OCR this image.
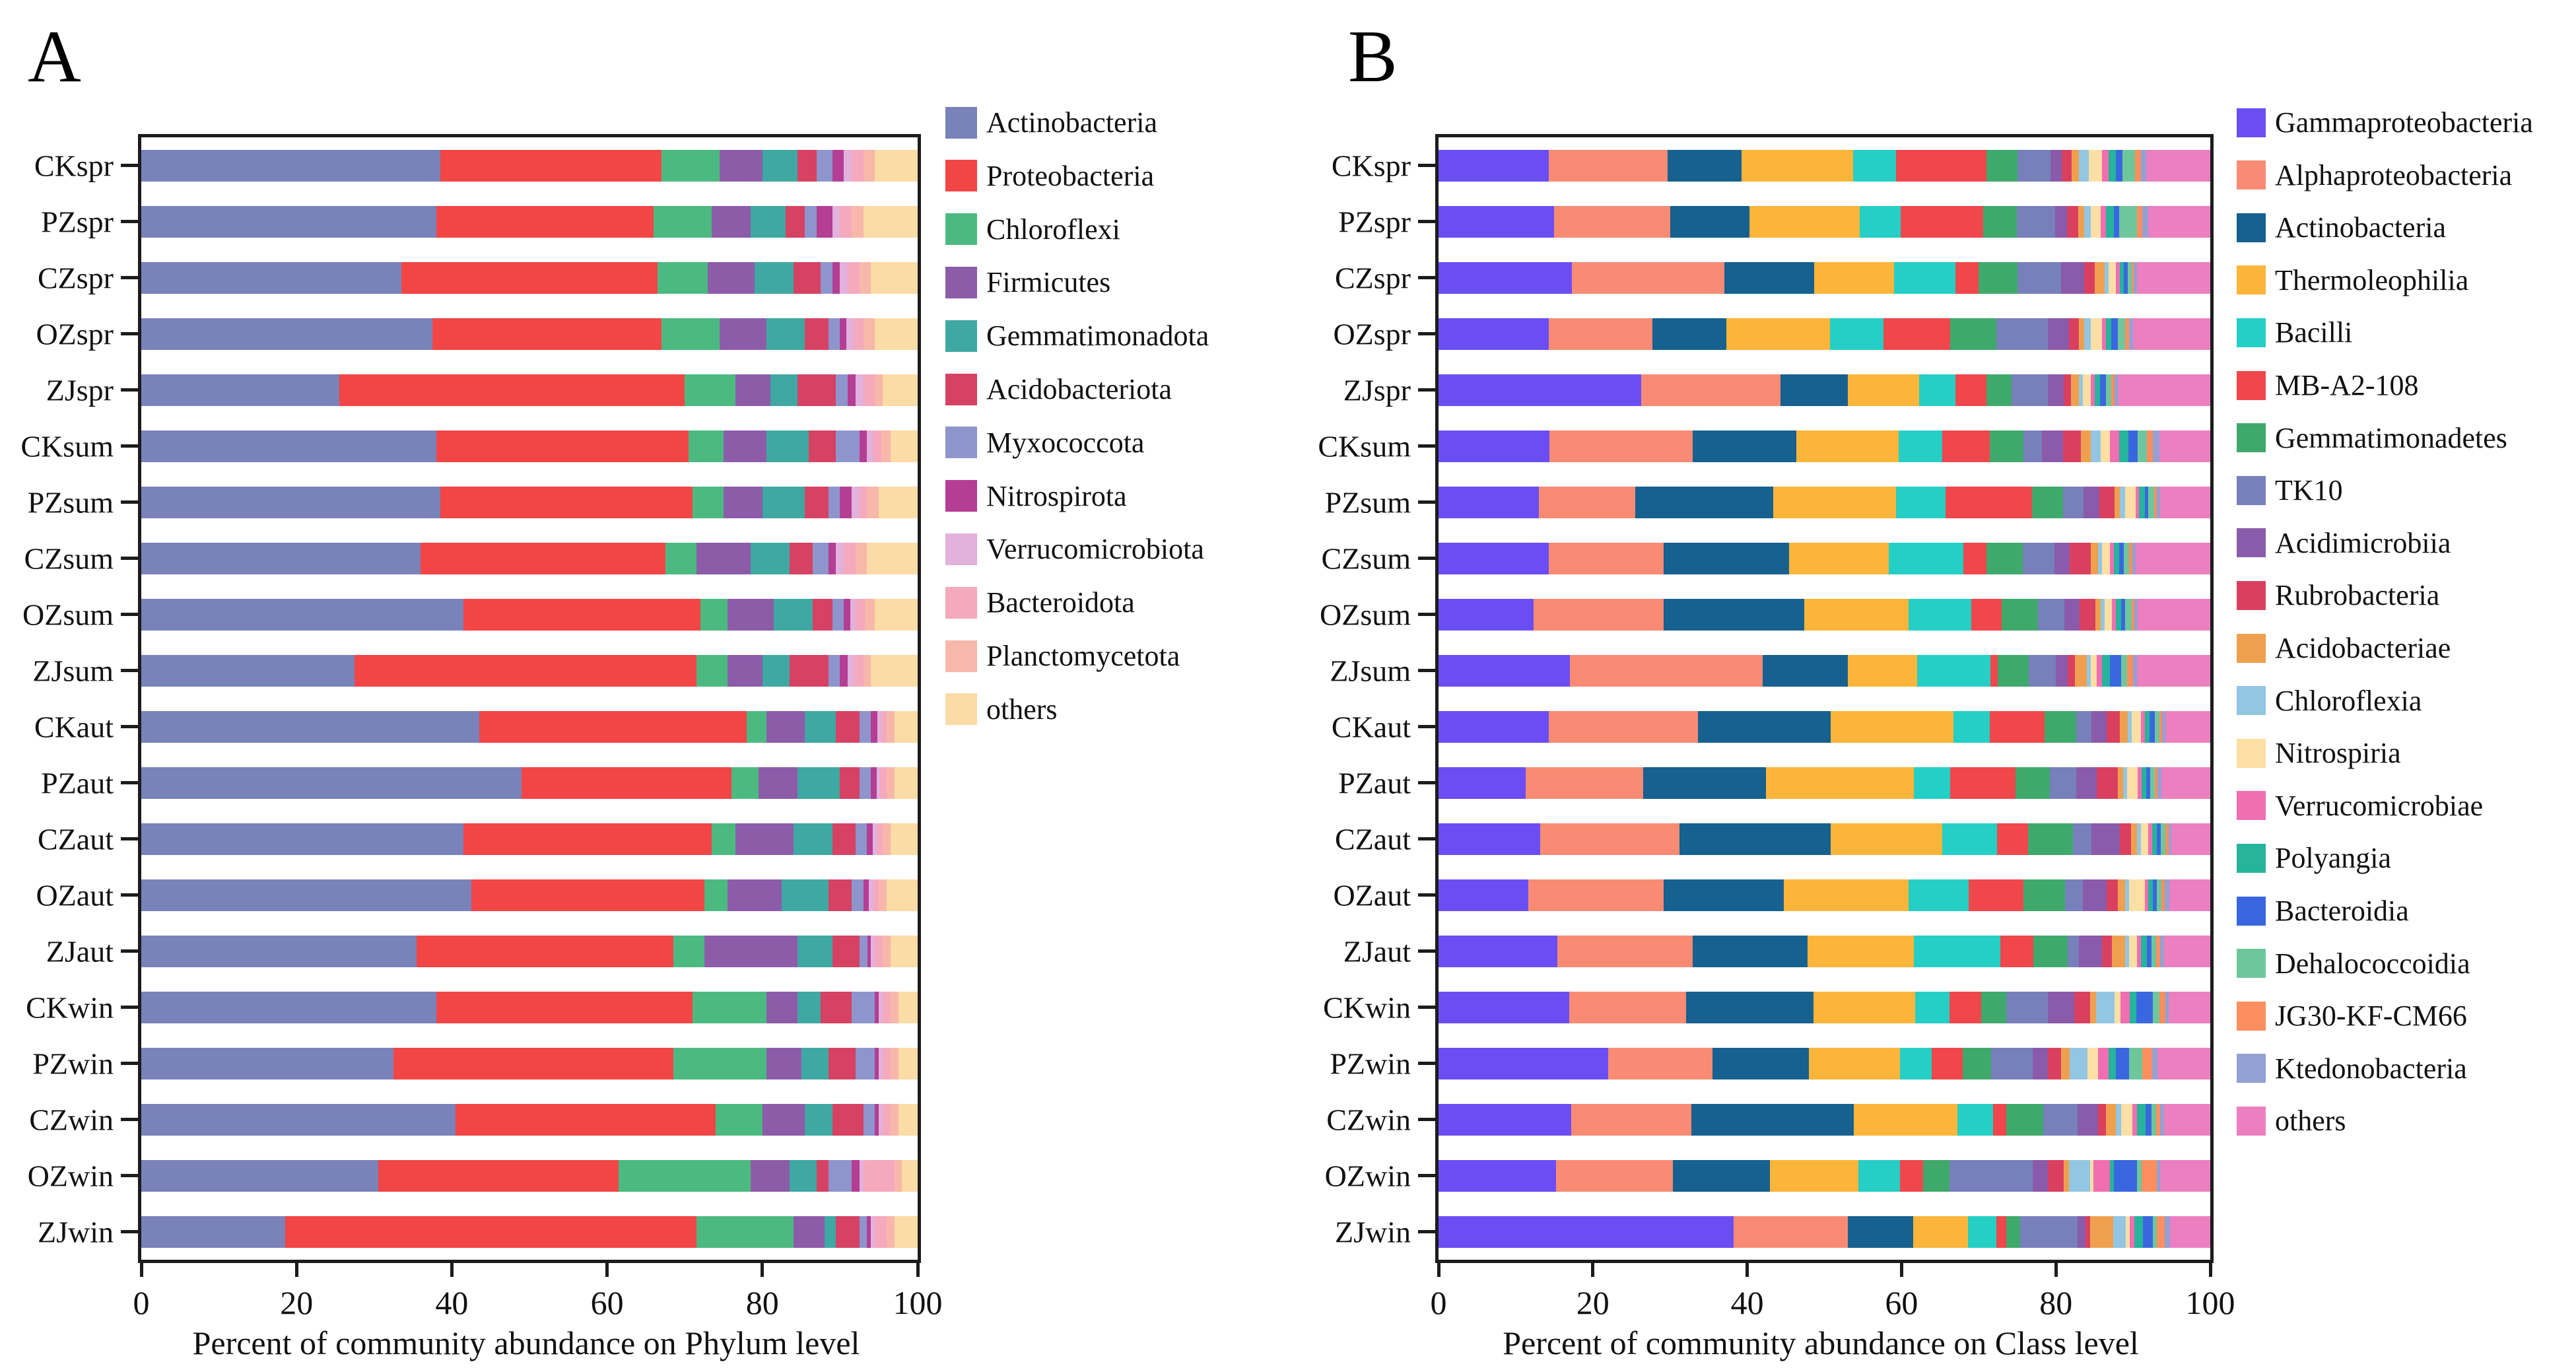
A
CKspr
PZspr
CZspr
OZspr
ZJspr
CKsum
PZsum
CZsum
OZsum
ZJsum
CKaut
PZaut
CZaut
OZaut
ZJaut
CKwin
PZwin
CZwin
OZwin
ZJwin
0	20	40	60	80	100
Percent of community abundance on Phylum level
Actinobacteria
Proteobacteria
Chloroflexi
Firmicutes
Gemmatimonadota
Acidobacteriota
Myxococcota
Nitrospirota
Verrucomicrobiota
Bacteroidota
Planctomycetota
others
B
CKspr
PZspr
CZspr
OZspr
ZJspr
CKsum
PZsum
CZsum
OZsum
ZJsum
CKaut
PZaut
CZaut
OZaut
ZJaut
CKwin
PZwin
CZwin
OZwin
ZJwin
0	20	40	60	80	100
Percent of community abundance on Class level
Gammaproteobacteria
Alphaproteobacteria
Actinobacteria
Thermoleophilia
Bacilli
MB-A2-108
Gemmatimonadetes
TK10
Acidimicrobiia
Rubrobacteria
Acidobacteriae
Chloroflexia
Nitrospiria
Verrucomicrobiae
Polyangia
Bacteroidia
Dehalococcoidia
JG30-KF-CM66
Ktedonobacteria
others
